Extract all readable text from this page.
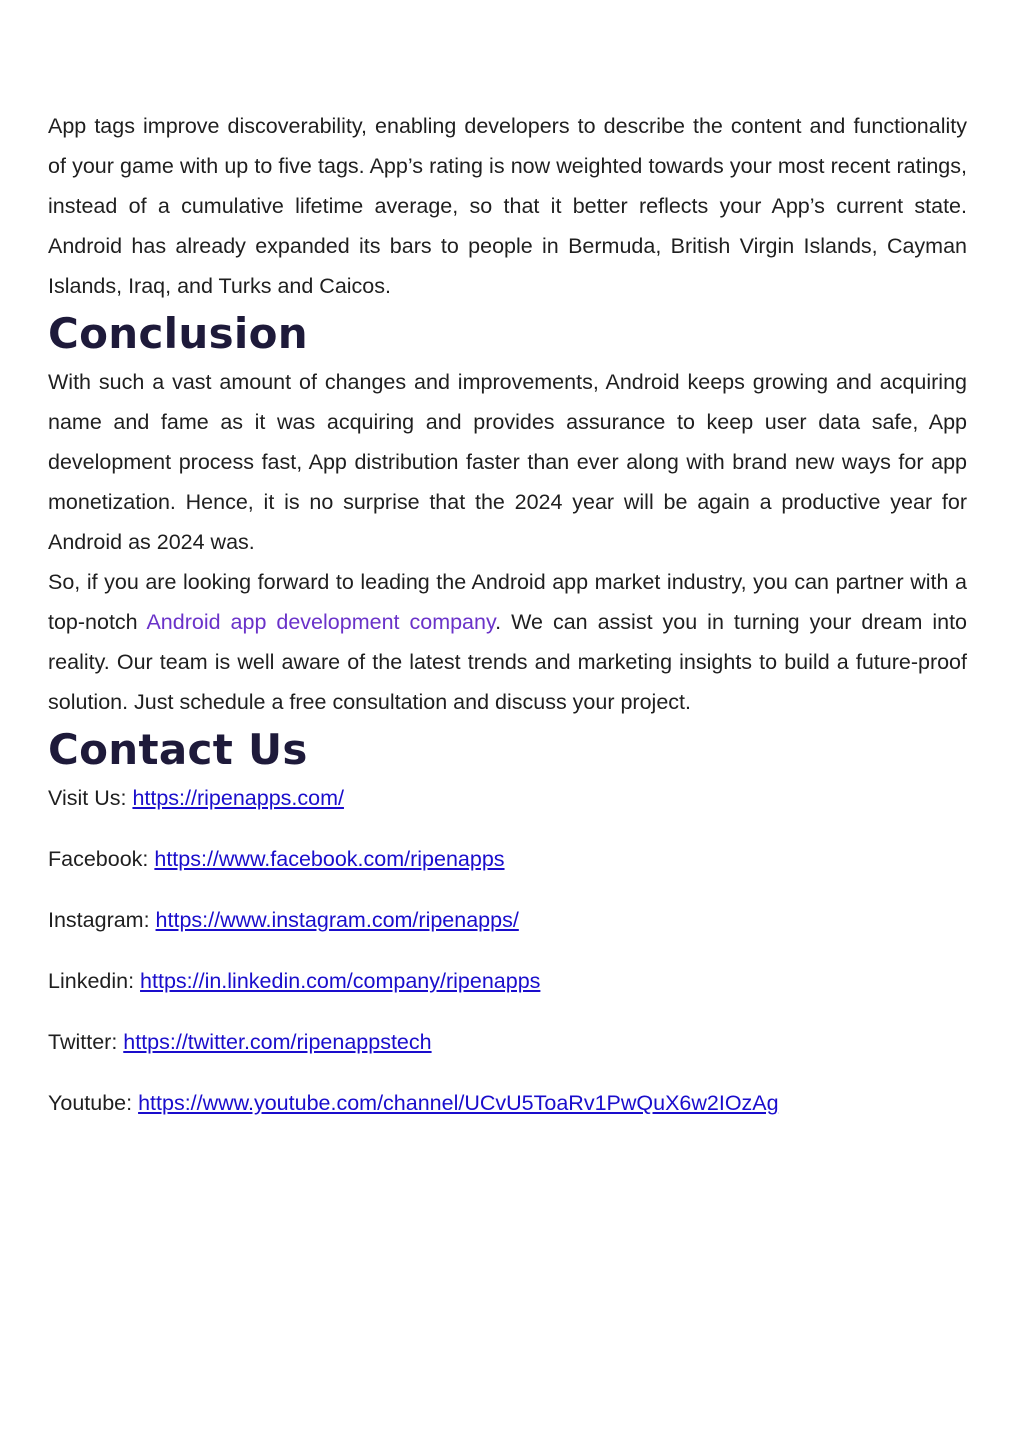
App tags improve discoverability, enabling developers to describe the content and functionality of your game with up to five tags. App’s rating is now weighted towards your most recent ratings, instead of a cumulative lifetime average, so that it better reflects your App’s current state. Android has already expanded its bars to people in Bermuda, British Virgin Islands, Cayman Islands, Iraq, and Turks and Caicos.

Conclusion

With such a vast amount of changes and improvements, Android keeps growing and acquiring name and fame as it was acquiring and provides assurance to keep user data safe, App development process fast, App distribution faster than ever along with brand new ways for app monetization. Hence, it is no surprise that the 2024 year will be again a productive year for Android as 2024 was.

So, if you are looking forward to leading the Android app market industry, you can partner with a top-notch Android app development company. We can assist you in turning your dream into reality. Our team is well aware of the latest trends and marketing insights to build a future-proof solution. Just schedule a free consultation and discuss your project.

Contact Us

Visit Us: https://ripenapps.com/

Facebook: https://www.facebook.com/ripenapps

Instagram: https://www.instagram.com/ripenapps/

Linkedin: https://in.linkedin.com/company/ripenapps

Twitter: https://twitter.com/ripenappstech

Youtube: https://www.youtube.com/channel/UCvU5ToaRv1PwQuX6w2IOzAg
